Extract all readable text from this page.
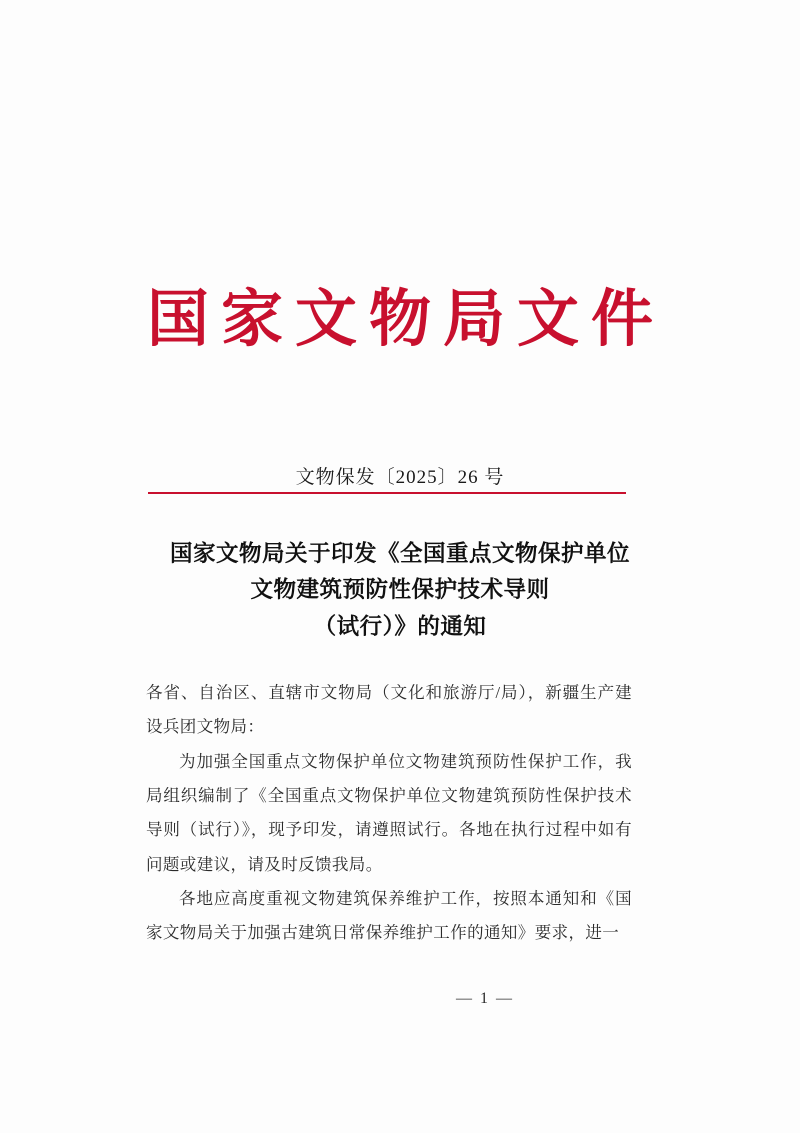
国家文物局文件
文物保发〔2025〕26 号
国家文物局关于印发《全国重点文物保护单位
文物建筑预防性保护技术导则
（试行）》的通知

各省、自治区、直辖市文物局（文化和旅游厅/局），新疆生产建设兵团文物局：

为加强全国重点文物保护单位文物建筑预防性保护工作，我局组织编制了《全国重点文物保护单位文物建筑预防性保护技术导则（试行）》，现予印发，请遵照试行。各地在执行过程中如有问题或建议，请及时反馈我局。

各地应高度重视文物建筑保养维护工作，按照本通知和《国家文物局关于加强古建筑日常保养维护工作的通知》要求，进一

— 1 —
